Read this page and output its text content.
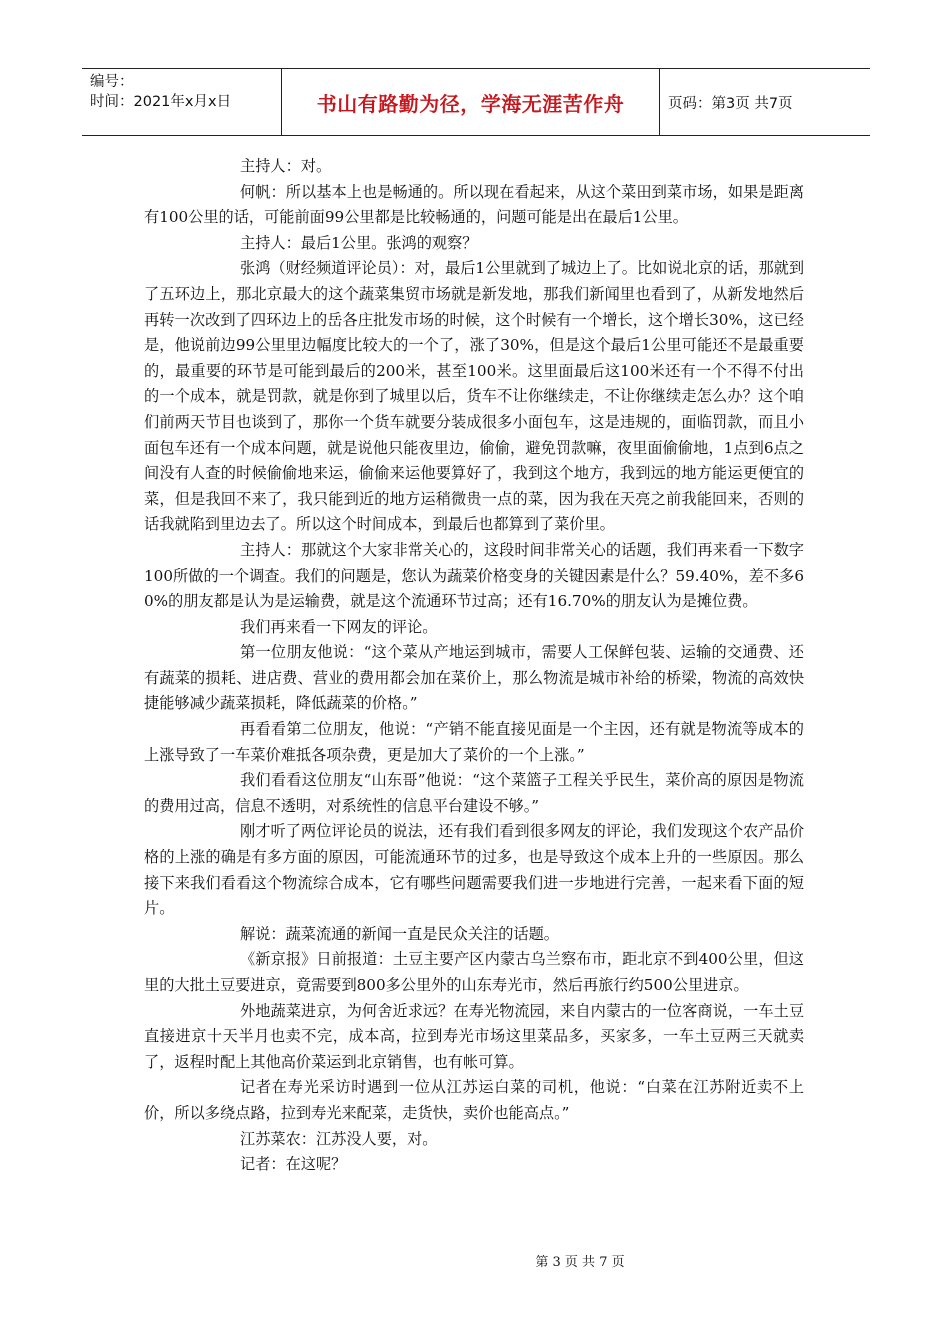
编号：
时间：2021年x月x日	书山有路勤为径，学海无涯苦作舟	页码：第3页 共7页

主持人：对。

何帆：所以基本上也是畅通的。所以现在看起来，从这个菜田到菜市场，如果是距离有100公里的话，可能前面99公里都是比较畅通的，问题可能是出在最后1公里。

主持人：最后1公里。张鸿的观察？

张鸿（财经频道评论员）：对，最后1公里就到了城边上了。比如说北京的话，那就到了五环边上，那北京最大的这个蔬菜集贸市场就是新发地，那我们新闻里也看到了，从新发地然后再转一次改到了四环边上的岳各庄批发市场的时候，这个时候有一个增长，这个增长30%，这已经是，他说前边99公里里边幅度比较大的一个了，涨了30%，但是这个最后1公里可能还不是最重要的，最重要的环节是可能到最后的200米，甚至100米。这里面最后这100米还有一个不得不付出的一个成本，就是罚款，就是你到了城里以后，货车不让你继续走，不让你继续走怎么办？这个咱们前两天节目也谈到了，那你一个货车就要分装成很多小面包车，这是违规的，面临罚款，而且小面包车还有一个成本问题，就是说他只能夜里边，偷偷，避免罚款嘛，夜里面偷偷地，1点到6点之间没有人查的时候偷偷地来运，偷偷来运他要算好了，我到这个地方，我到远的地方能运更便宜的菜，但是我回不来了，我只能到近的地方运稍微贵一点的菜，因为我在天亮之前我能回来，否则的话我就陷到里边去了。所以这个时间成本，到最后也都算到了菜价里。

主持人：那就这个大家非常关心的，这段时间非常关心的话题，我们再来看一下数字100所做的一个调查。我们的问题是，您认为蔬菜价格变身的关键因素是什么？59.40%，差不多60%的朋友都是认为是运输费，就是这个流通环节过高；还有16.70%的朋友认为是摊位费。

我们再来看一下网友的评论。

第一位朋友他说：“这个菜从产地运到城市，需要人工保鲜包装、运输的交通费、还有蔬菜的损耗、进店费、营业的费用都会加在菜价上，那么物流是城市补给的桥梁，物流的高效快捷能够减少蔬菜损耗，降低蔬菜的价格。”

再看看第二位朋友，他说：“产销不能直接见面是一个主因，还有就是物流等成本的上涨导致了一车菜价难抵各项杂费，更是加大了菜价的一个上涨。”

我们看看这位朋友“山东哥”他说：“这个菜篮子工程关乎民生，菜价高的原因是物流的费用过高，信息不透明，对系统性的信息平台建设不够。”

刚才听了两位评论员的说法，还有我们看到很多网友的评论，我们发现这个农产品价格的上涨的确是有多方面的原因，可能流通环节的过多，也是导致这个成本上升的一些原因。那么接下来我们看看这个物流综合成本，它有哪些问题需要我们进一步地进行完善，一起来看下面的短片。

解说：蔬菜流通的新闻一直是民众关注的话题。

《新京报》日前报道：土豆主要产区内蒙古乌兰察布市，距北京不到400公里，但这里的大批土豆要进京，竟需要到800多公里外的山东寿光市，然后再旅行约500公里进京。

外地蔬菜进京，为何舍近求远？在寿光物流园，来自内蒙古的一位客商说，一车土豆直接进京十天半月也卖不完，成本高，拉到寿光市场这里菜品多，买家多，一车土豆两三天就卖了，返程时配上其他高价菜运到北京销售，也有帐可算。

记者在寿光采访时遇到一位从江苏运白菜的司机，他说：“白菜在江苏附近卖不上价，所以多绕点路，拉到寿光来配菜，走货快，卖价也能高点。”

江苏菜农：江苏没人要，对。

记者：在这呢？

第 3 页 共 7 页
